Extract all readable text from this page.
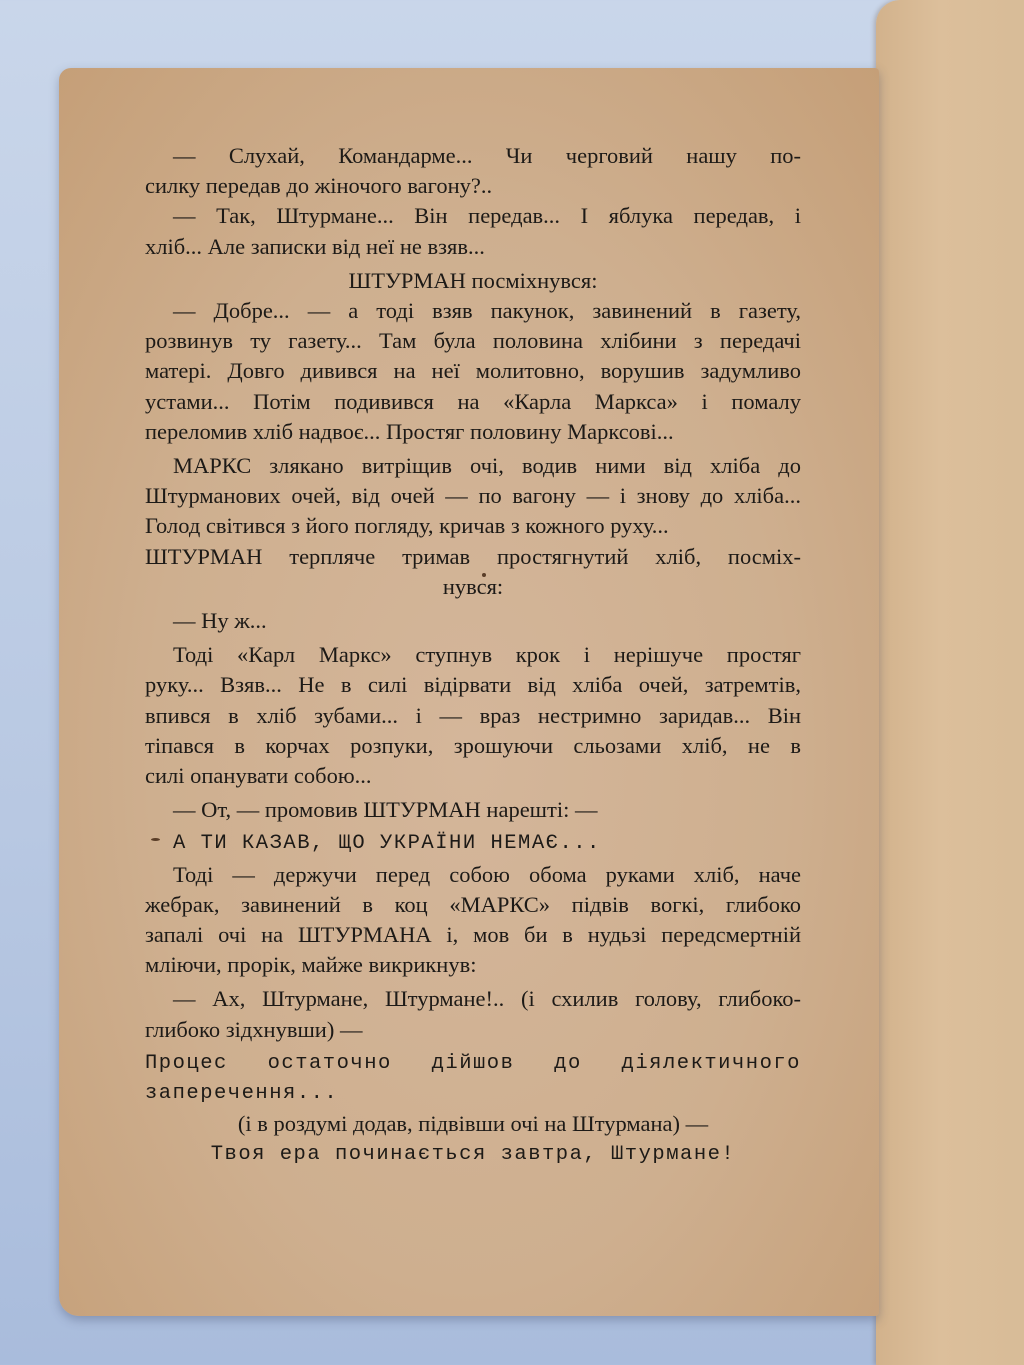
— Слухай, Командарме... Чи черговий нашу по-
силку передав до жіночого вагону?..
— Так, Штурмане... Він передав... І яблука передав, і
хліб... Але записки від неї не взяв...
ШТУРМАН посміхнувся:
— Добре... — а тоді взяв пакунок, завинений в газету,
розвинув ту газету... Там була половина хлібини з передачі
матері. Довго дивився на неї молитовно, ворушив задумливо
устами... Потім подивився на «Карла Маркса» і помалу
переломив хліб надвоє... Простяг половину Марксові...
МАРКС злякано витріщив очі, водив ними від хліба до
Штурманових очей, від очей — по вагону — і знову до хліба...
Голод світився з його погляду, кричав з кожного руху...
ШТУРМАН терпляче тримав простягнутий хліб, посміх-
нувся:
— Ну ж...
Тоді «Карл Маркс» ступнув крок і нерішуче простяг
руку... Взяв... Не в силі відірвати від хліба очей, затремтів,
впився в хліб зубами... і — враз нестримно заридав... Він
тіпався в корчах розпуки, зрошуючи сльозами хліб, не в
силі опанувати собою...
— От, — промовив ШТУРМАН нарешті: —
А ТИ КАЗАВ, ЩО УКРАЇНИ НЕМАЄ...
Тоді — держучи перед собою обома руками хліб, наче
жебрак, завинений в коц «МАРКС» підвів вогкі, глибоко
запалі очі на ШТУРМАНА і, мов би в нудьзі передсмертній
мліючи, прорік, майже викрикнув:
— Ах, Штурмане, Штурмане!.. (і схилив голову, глибоко-
глибоко зідхнувши) —
Процес остаточно дійшов до діялектичного
заперечення...
(і в роздумі додав, підвівши очі на Штурмана) —
Твоя ера починається завтра, Штурмане!
